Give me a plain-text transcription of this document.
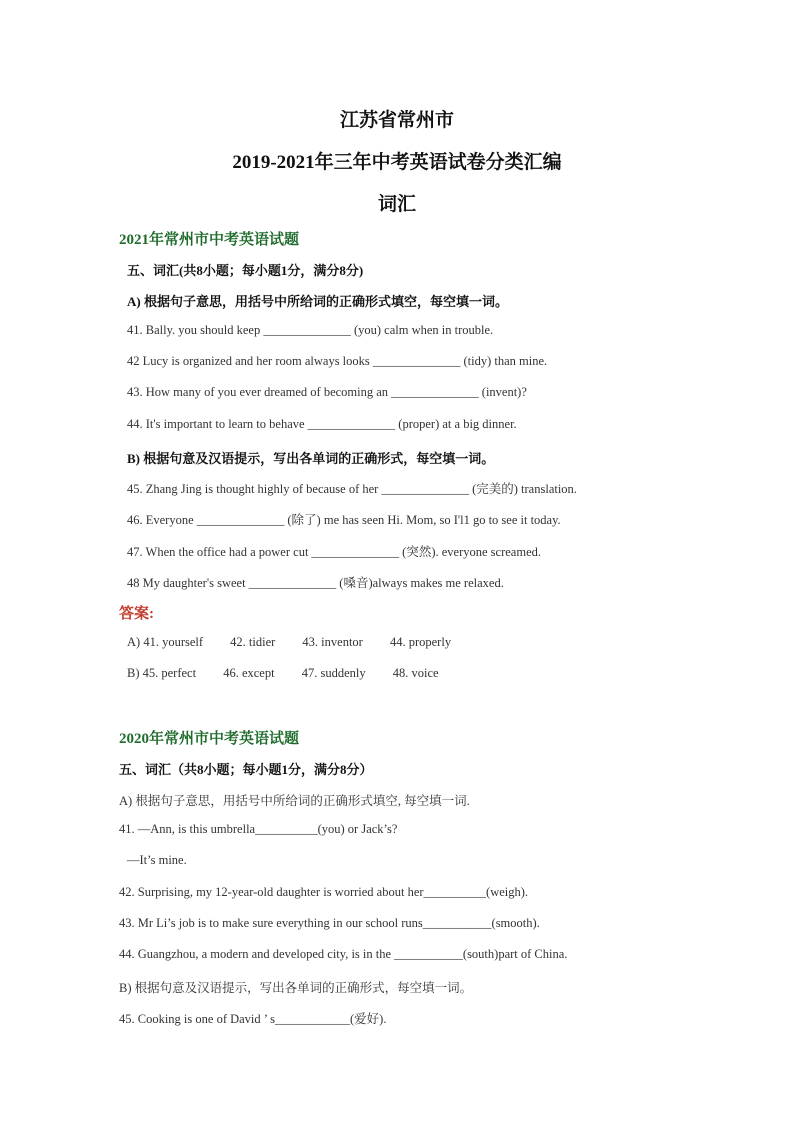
江苏省常州市
2019-2021年三年中考英语试卷分类汇编
词汇
2021年常州市中考英语试题
五、词汇(共8小题；每小题1分，满分8分)
A) 根据句子意思，用括号中所给词的正确形式填空，每空填一词。
41. Bally. you should keep ______________ (you) calm when in trouble.
42 Lucy is organized and her room always looks ______________ (tidy) than mine.
43. How many of you ever dreamed of becoming an ______________ (invent)?
44. It's important to learn to behave ______________ (proper) at a big dinner.
B) 根据句意及汉语提示，写出各单词的正确形式，每空填一词。
45. Zhang Jing is thought highly of because of her ______________ (完美的) translation.
46. Everyone ______________ (除了) me has seen Hi. Mom, so I'l1 go to see it today.
47. When the office had a power cut ______________ (突然). everyone screamed.
48 My daughter's sweet ______________ (嗓音)always makes me relaxed.
答案:
A) 41. yourself 42. tidier 43. inventor 44. properly
B) 45. perfect 46. except 47. suddenly 48. voice
2020年常州市中考英语试题
五、词汇（共8小题；每小题1分，满分8分）
A) 根据句子意思，用括号中所给词的正确形式填空, 每空填一词.
41. —Ann, is this umbrella__________(you) or Jack’s?
—It’s mine.
42. Surprising, my 12-year-old daughter is worried about her__________(weigh).
43. Mr Li’s job is to make sure everything in our school runs___________(smooth).
44. Guangzhou, a modern and developed city, is in the ___________(south)part of China.
B) 根据句意及汉语提示，写出各单词的正确形式，每空填一词。
45. Cooking is one of David ’ s____________(爱好).
